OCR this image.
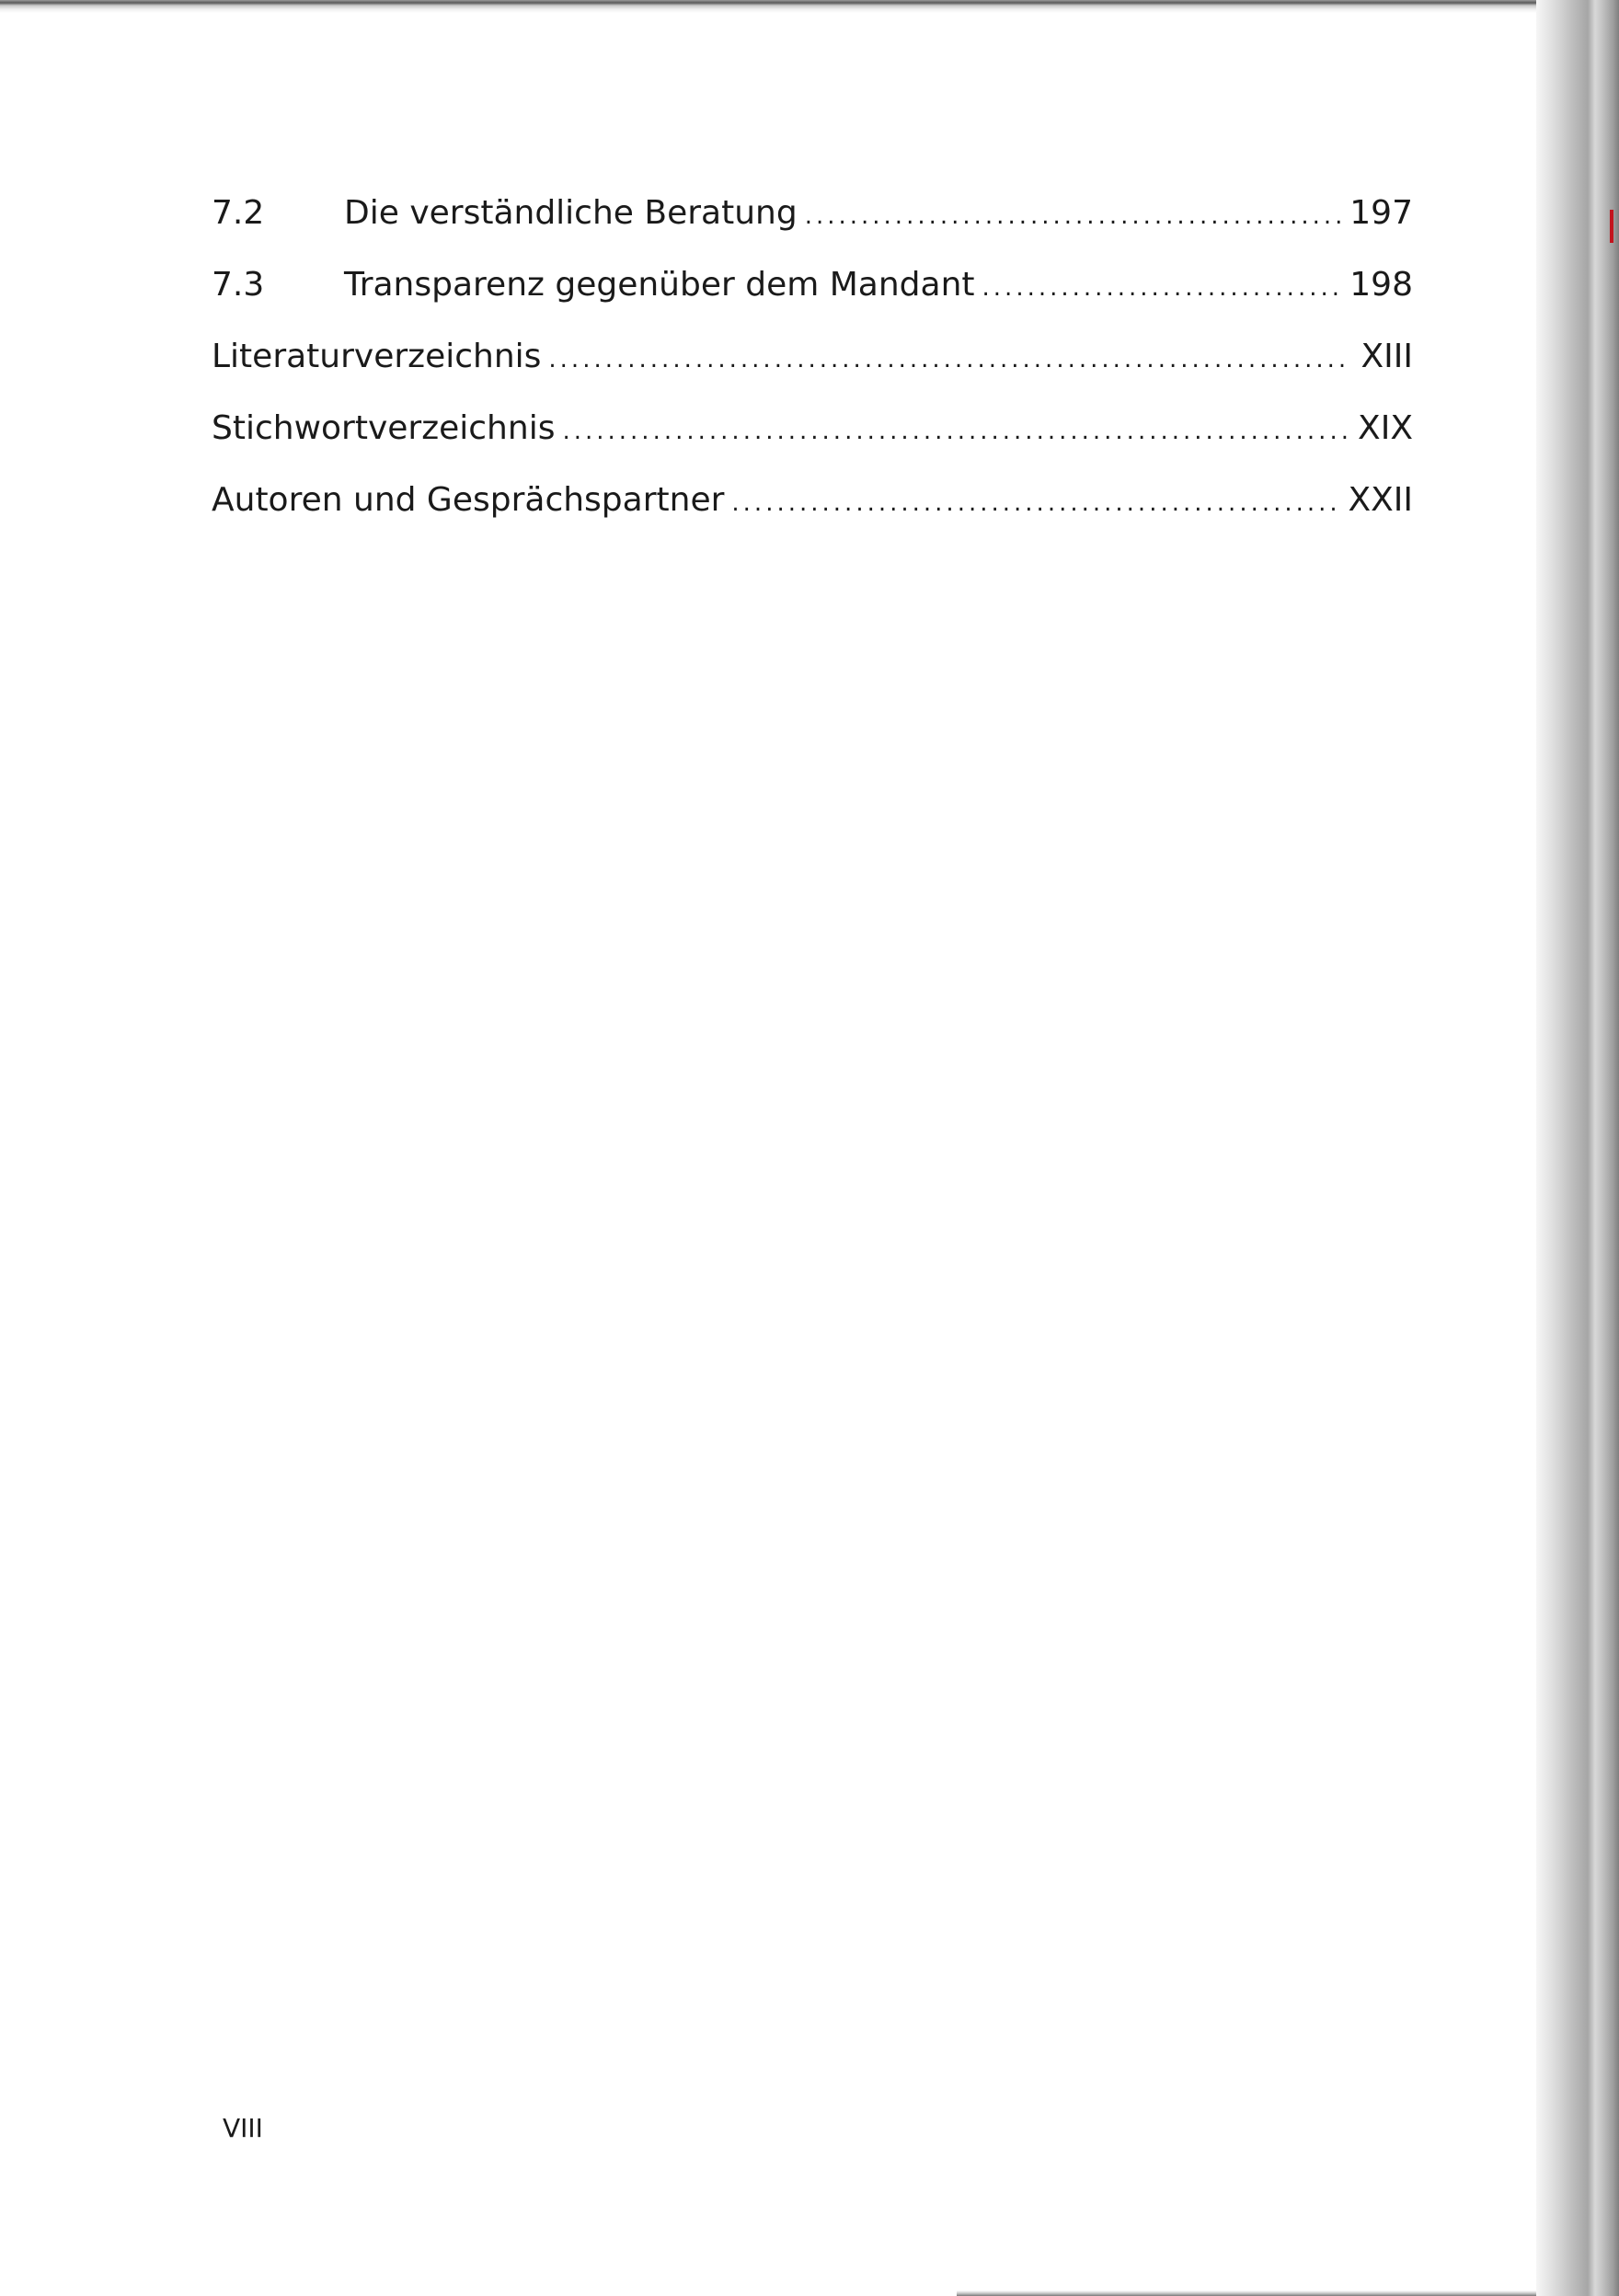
7.2	Die verständliche Beratung .....	197
7.3	Transparenz gegenüber dem Mandant .....	198
Literaturverzeichnis .....	XIII
Stichwortverzeichnis .....	XIX
Autoren und Gesprächspartner .....	XXII
VIII
